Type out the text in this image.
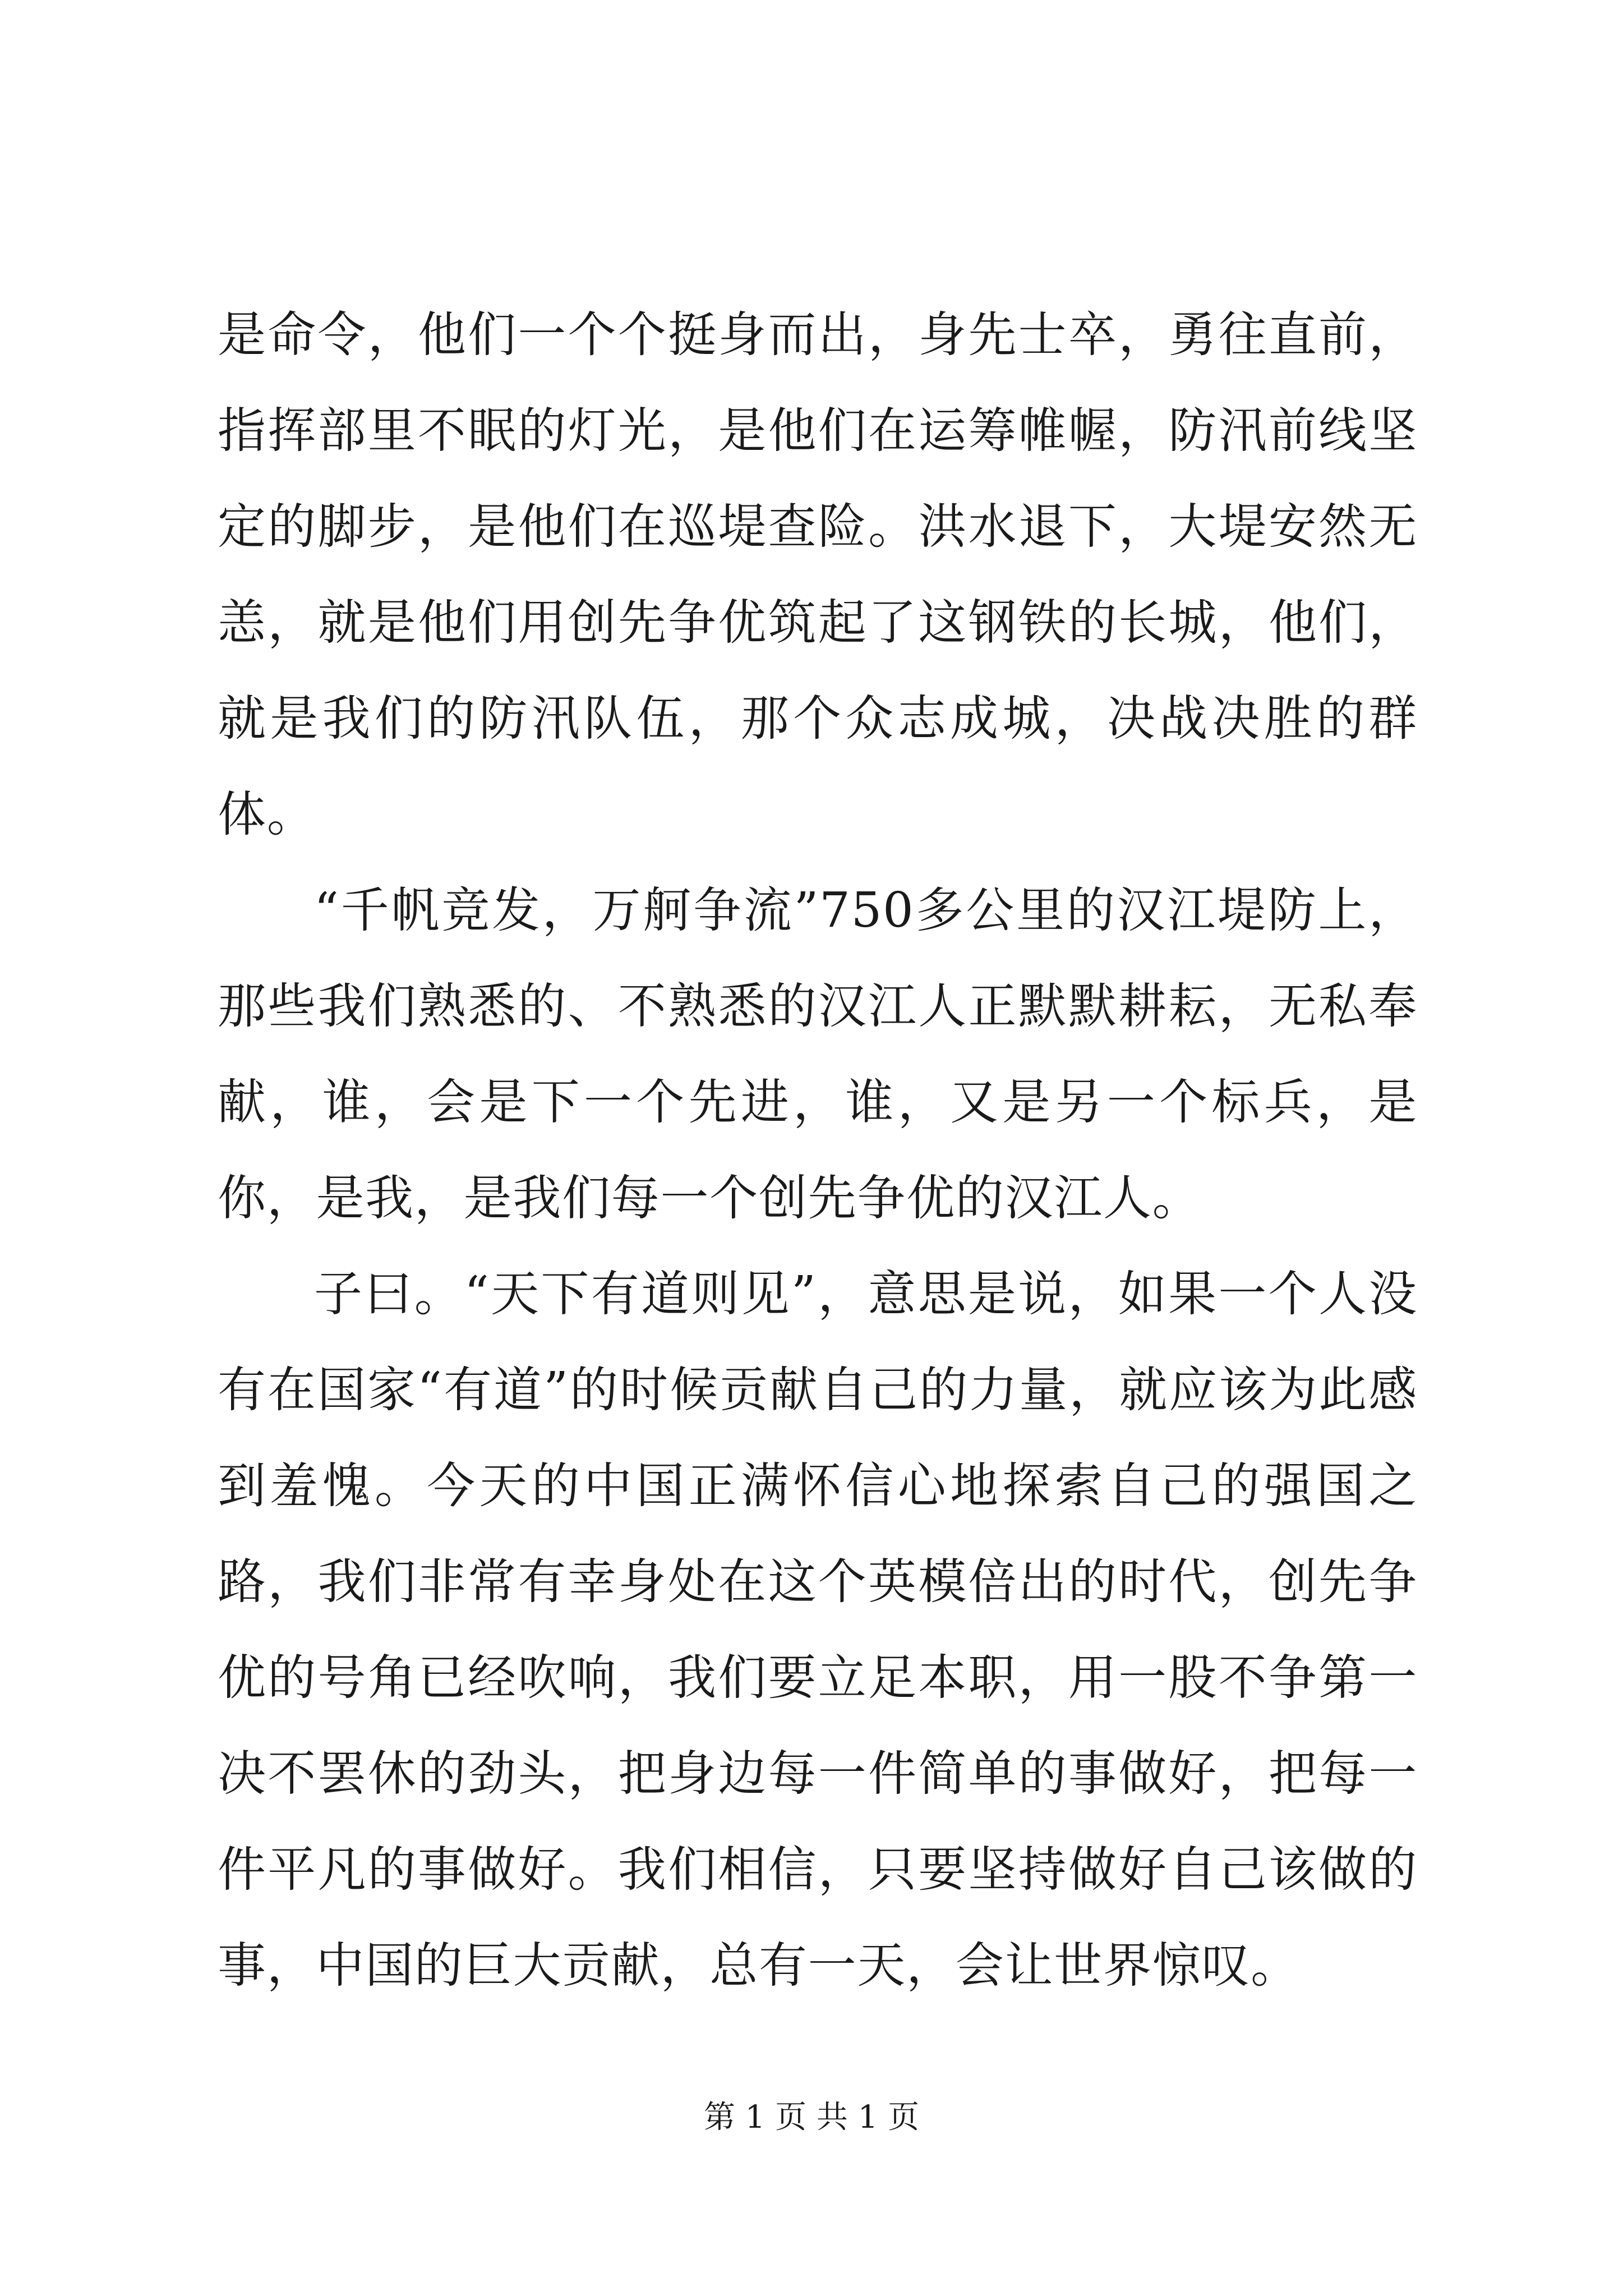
是命令，他们一个个挺身而出，身先士卒，勇往直前，指挥部里不眠的灯光，是他们在运筹帷幄，防汛前线坚定的脚步，是他们在巡堤查险。洪水退下，大堤安然无恙，就是他们用创先争优筑起了这钢铁的长城，他们，就是我们的防汛队伍，那个众志成城，决战决胜的群体。

“千帆竞发，万舸争流”750多公里的汉江堤防上，那些我们熟悉的、不熟悉的汉江人正默默耕耘，无私奉献，谁，会是下一个先进，谁，又是另一个标兵，是你，是我，是我们每一个创先争优的汉江人。

子曰。“天下有道则见”，意思是说，如果一个人没有在国家“有道”的时候贡献自己的力量，就应该为此感到羞愧。今天的中国正满怀信心地探索自己的强国之路，我们非常有幸身处在这个英模倍出的时代，创先争优的号角已经吹响，我们要立足本职，用一股不争第一决不罢休的劲头，把身边每一件简单的事做好，把每一件平凡的事做好。我们相信，只要坚持做好自己该做的事，中国的巨大贡献，总有一天，会让世界惊叹。

第 1 页 共 1 页
